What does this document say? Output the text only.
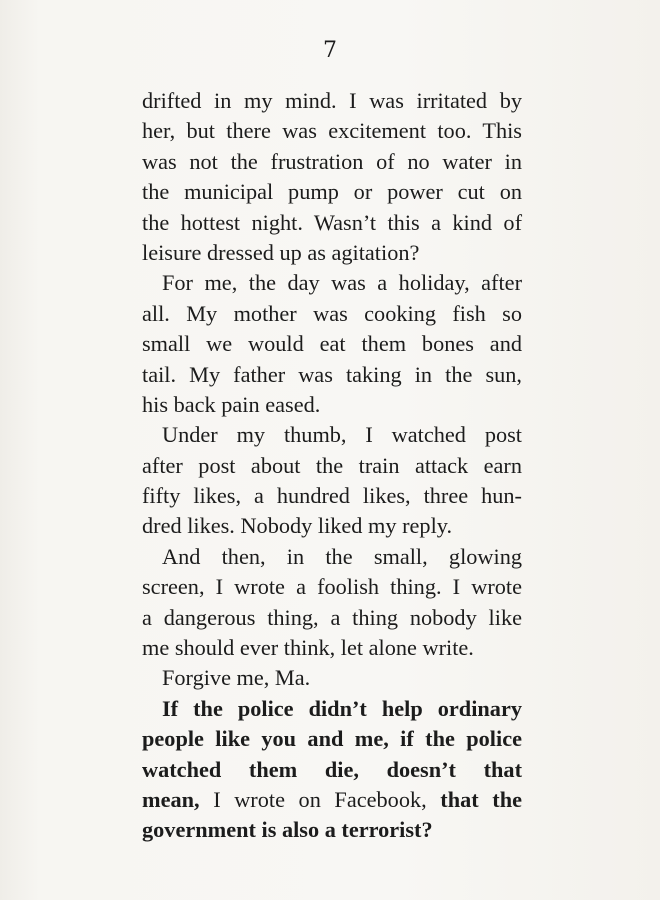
7
drifted in my mind. I was irritated by
her, but there was excitement too. This
was not the frustration of no water in
the municipal pump or power cut on
the hottest night. Wasn’t this a kind of
leisure dressed up as agitation?
For me, the day was a holiday, after
all. My mother was cooking fish so
small we would eat them bones and
tail. My father was taking in the sun,
his back pain eased.
Under my thumb, I watched post
after post about the train attack earn
fifty likes, a hundred likes, three hun-
dred likes. Nobody liked my reply.
And then, in the small, glowing
screen, I wrote a foolish thing. I wrote
a dangerous thing, a thing nobody like
me should ever think, let alone write.
Forgive me, Ma.
If the police didn’t help ordinary
people like you and me, if the police
watched them die, doesn’t that
mean, I wrote on Facebook, that the
government is also a terrorist?
